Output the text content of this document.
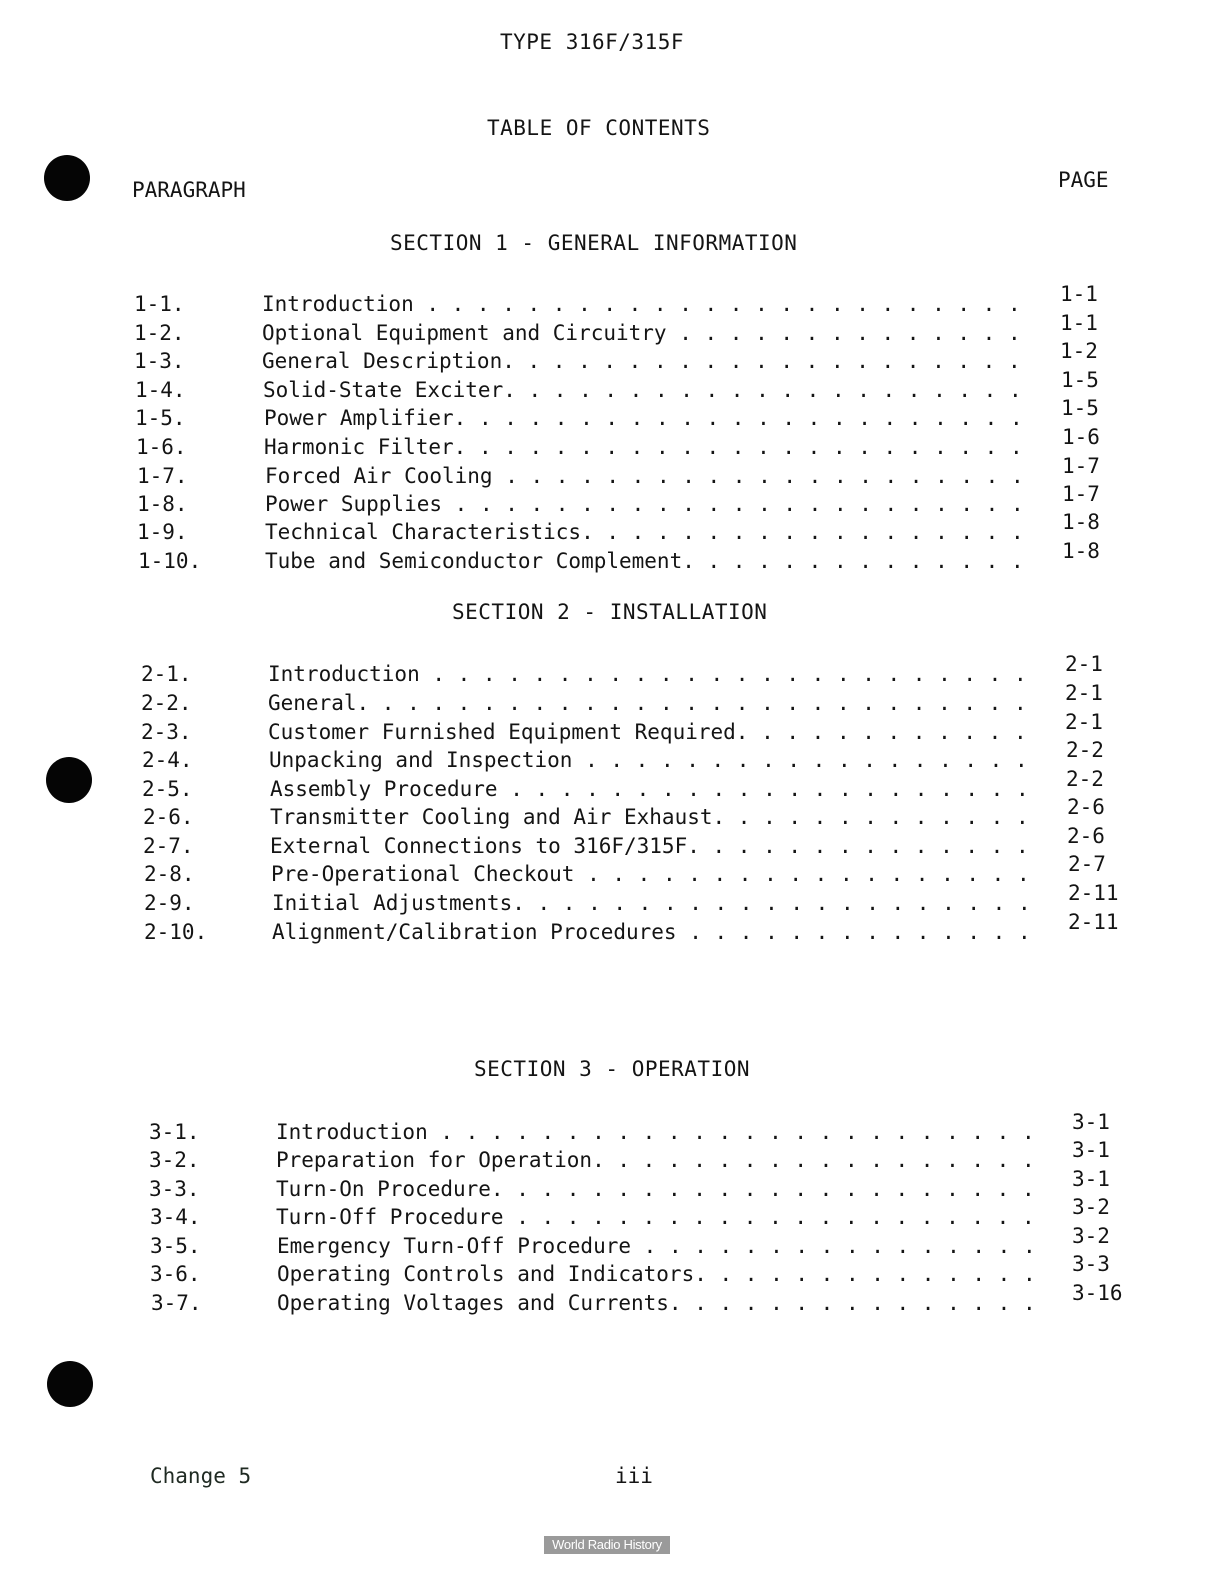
TYPE 316F/315F
TABLE OF CONTENTS
PARAGRAPH	PAGE
SECTION 1 - GENERAL INFORMATION
1-1.	Introduction . . .	1-1
1-2.	Optional Equipment and Circuitry . . .	1-1
1-3.	General Description. . . .	1-2
1-4.	Solid-State Exciter. . . .	1-5
1-5.	Power Amplifier. . . .	1-5
1-6.	Harmonic Filter. . . .	1-6
1-7.	Forced Air Cooling . . .	1-7
1-8.	Power Supplies . . .	1-7
1-9.	Technical Characteristics. . . .	1-8
1-10.	Tube and Semiconductor Complement. . . .	1-8
SECTION 2 - INSTALLATION
2-1.	Introduction . . .	2-1
2-2.	General. . . .	2-1
2-3.	Customer Furnished Equipment Required. . . .	2-1
2-4.	Unpacking and Inspection . . .	2-2
2-5.	Assembly Procedure . . .	2-2
2-6.	Transmitter Cooling and Air Exhaust. . . .	2-6
2-7.	External Connections to 316F/315F. . . .	2-6
2-8.	Pre-Operational Checkout . . .	2-7
2-9.	Initial Adjustments. . . .	2-11
2-10.	Alignment/Calibration Procedures . . .	2-11
SECTION 3 - OPERATION
3-1.	Introduction . . .	3-1
3-2.	Preparation for Operation. . . .	3-1
3-3.	Turn-On Procedure. . . .	3-1
3-4.	Turn-Off Procedure . . .	3-2
3-5.	Emergency Turn-Off Procedure . . .	3-2
3-6.	Operating Controls and Indicators. . . .	3-3
3-7.	Operating Voltages and Currents. . . .	3-16
Change 5	iii
World Radio History
